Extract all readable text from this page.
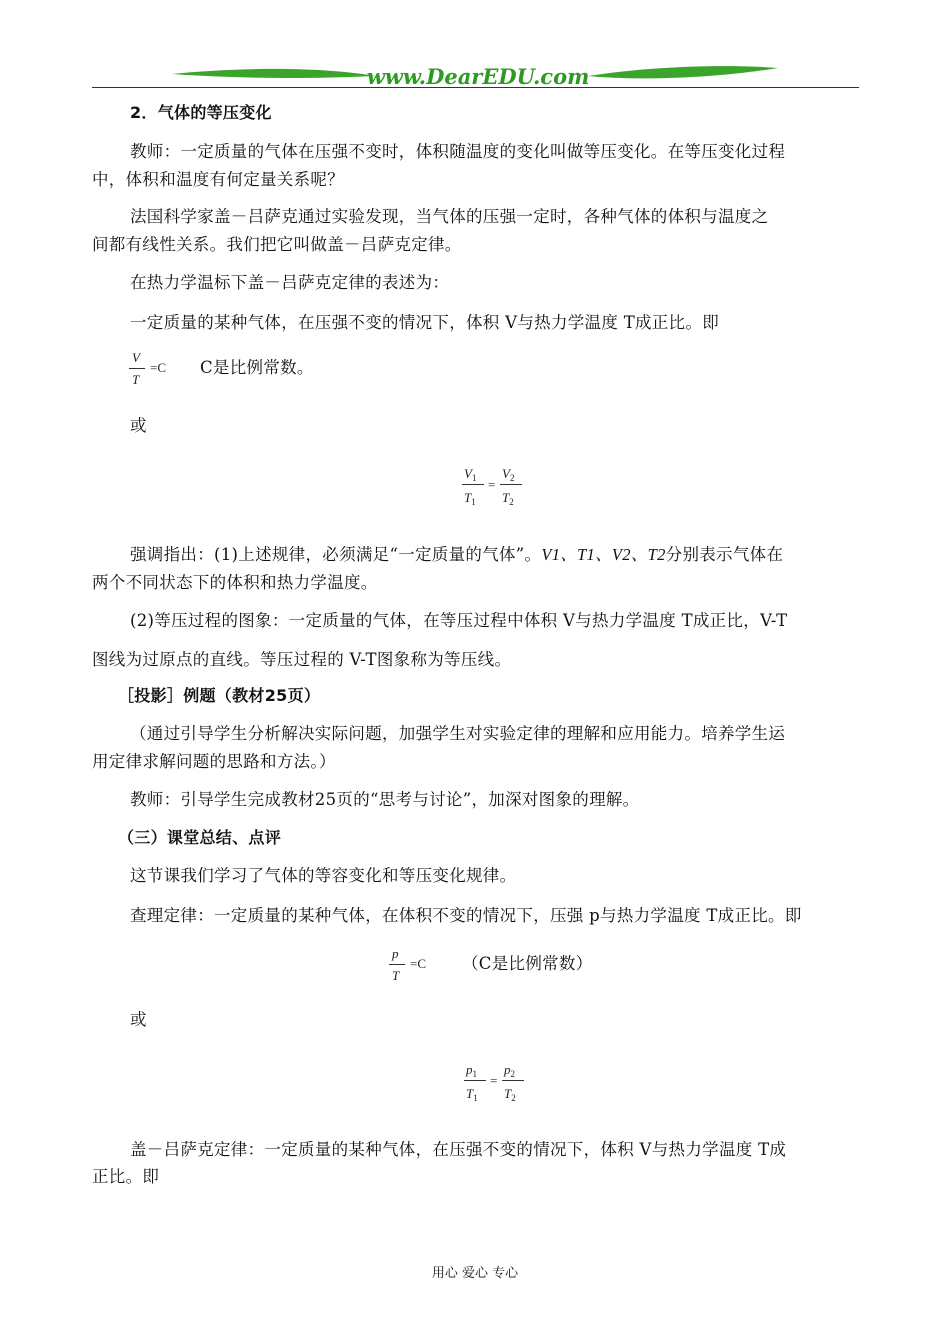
www.DearEDU.com
2．气体的等压变化
教师：一定质量的气体在压强不变时，体积随温度的变化叫做等压变化。在等压变化过程
中，体积和温度有何定量关系呢？
法国科学家盖－吕萨克通过实验发现，当气体的压强一定时，各种气体的体积与温度之
间都有线性关系。我们把它叫做盖－吕萨克定律。
在热力学温标下盖－吕萨克定律的表述为：
一定质量的某种气体，在压强不变的情况下，体积 V与热力学温度 T成正比。即
V
T
=C C是比例常数。
或
$V_1$
$T_1$
=
$V_2$
$T_2$
强调指出：(1)上述规律，必须满足“一定质量的气体”。V1、T1、V2、T2分别表示气体在
两个不同状态下的体积和热力学温度。
(2)等压过程的图象：一定质量的气体，在等压过程中体积 V与热力学温度 T成正比，V-T
图线为过原点的直线。等压过程的 V-T图象称为等压线。
［投影］例题（教材25页）
（通过引导学生分析解决实际问题，加强学生对实验定律的理解和应用能力。培养学生运
用定律求解问题的思路和方法。）
教师：引导学生完成教材25页的“思考与讨论”，加深对图象的理解。
（三）课堂总结、点评
这节课我们学习了气体的等容变化和等压变化规律。
查理定律：一定质量的某种气体，在体积不变的情况下，压强 p与热力学温度 T成正比。即
p
T
=C （C是比例常数）
或
$p_1$
$T_1$
=
$p_2$
$T_2$
盖－吕萨克定律：一定质量的某种气体，在压强不变的情况下，体积 V与热力学温度 T成
正比。即
用心 爱心 专心
